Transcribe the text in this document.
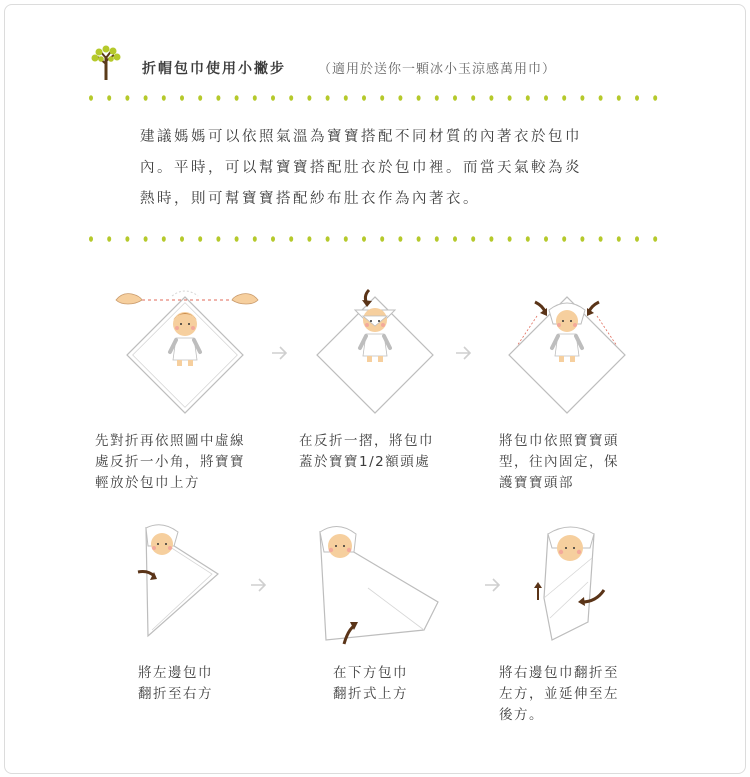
折帽包巾使用小撇步 （適用於送你一顆冰小玉涼感萬用巾）
建議媽媽可以依照氣溫為寶寶搭配不同材質的內著衣於包巾
內。平時，可以幫寶寶搭配肚衣於包巾裡。而當天氣較為炎
熱時，則可幫寶寶搭配紗布肚衣作為內著衣。
先對折再依照圖中虛線
處反折一小角，將寶寶
輕放於包巾上方
在反折一摺，將包巾
蓋於寶寶1/2額頭處
將包巾依照寶寶頭
型，往內固定，保
護寶寶頭部
將左邊包巾
翻折至右方
在下方包巾
翻折式上方
將右邊包巾翻折至
左方，並延伸至左
後方。
